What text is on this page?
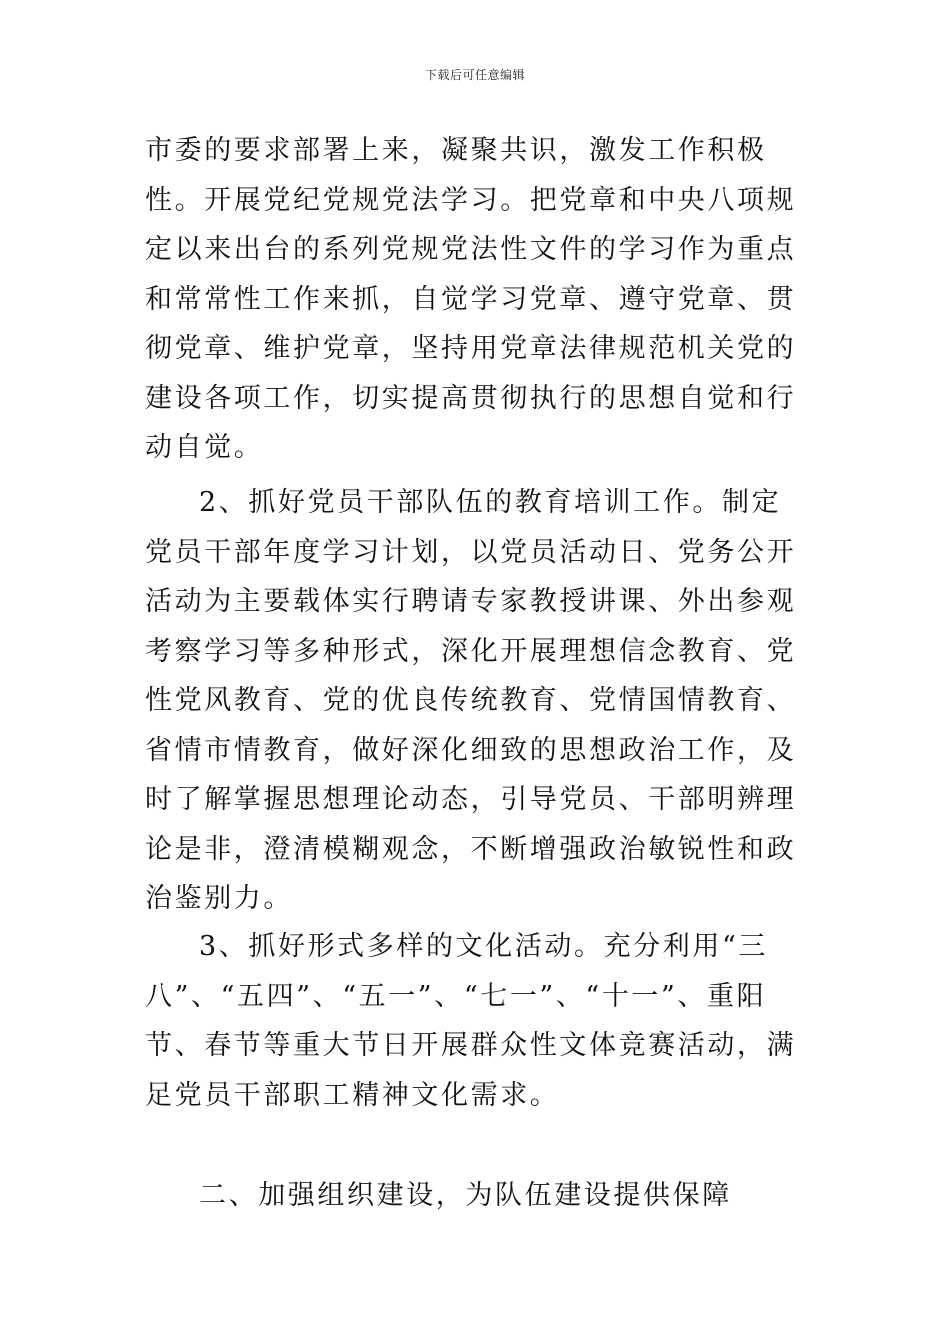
下载后可任意编辑

市委的要求部署上来，凝聚共识，激发工作积极性。开展党纪党规党法学习。把党章和中央八项规定以来出台的系列党规党法性文件的学习作为重点和常常性工作来抓，自觉学习党章、遵守党章、贯彻党章、维护党章，坚持用党章法律规范机关党的建设各项工作，切实提高贯彻执行的思想自觉和行动自觉。

2、抓好党员干部队伍的教育培训工作。制定党员干部年度学习计划，以党员活动日、党务公开活动为主要载体实行聘请专家教授讲课、外出参观考察学习等多种形式，深化开展理想信念教育、党性党风教育、党的优良传统教育、党情国情教育、省情市情教育，做好深化细致的思想政治工作，及时了解掌握思想理论动态，引导党员、干部明辨理论是非，澄清模糊观念，不断增强政治敏锐性和政治鉴别力。

3、抓好形式多样的文化活动。充分利用“三八”、“五四”、“五一”、“七一”、“十一”、重阳节、春节等重大节日开展群众性文体竞赛活动，满足党员干部职工精神文化需求。

二、加强组织建设，为队伍建设提供保障
